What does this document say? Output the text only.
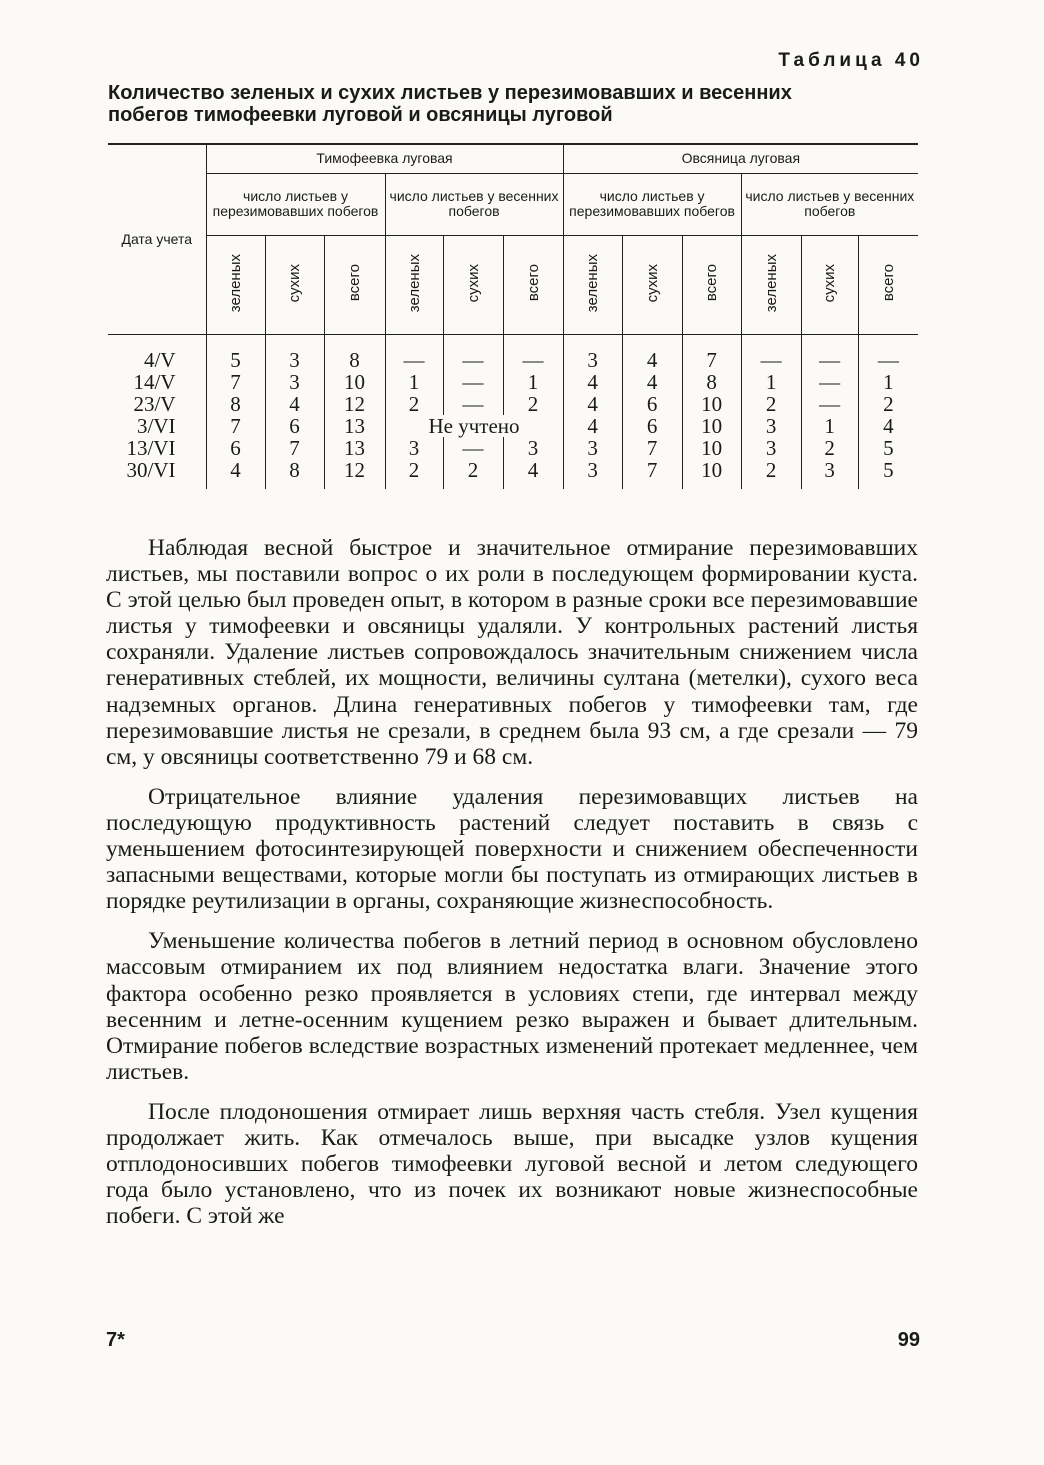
Таблица 40
Количество зеленых и сухих листьев у перезимовавших и весенних
побегов тимофеевки луговой и овсяницы луговой
Дата учета	Тимофеевка луговая						Овсяница луговая					
	число листьев у перезимовавших побегов			число листьев у весенних побегов			число листьев у перезимовавших побегов			число листьев у весенних побегов		
	зеленых	сухих	всего	зеленых	сухих	всего	зеленых	сухих	всего	зеленых	сухих	всего
4/V	5	3	8	—	—	—	3	4	7	—	—	—
14/V	7	3	10	1	—	1	4	4	8	1	—	1
23/V	8	4	12	2	—	2	4	6	10	2	—	2
3/VI	7	6	13	Не учтено			4	6	10	3	1	4
13/VI	6	7	13	3	—	3	3	7	10	3	2	5
30/VI	4	8	12	2	2	4	3	7	10	2	3	5

Наблюдая весной быстрое и значительное отмирание перезимовавших листьев, мы поставили вопрос о их роли в последующем формировании куста. С этой целью был проведен опыт, в котором в разные сроки все перезимовавшие листья у тимофеевки и овсяницы удаляли. У контрольных растений листья сохраняли. Удаление листьев сопровождалось значительным снижением числа генеративных стеблей, их мощности, величины султана (метелки), сухого веса надземных органов. Длина генеративных побегов у тимофеевки там, где перезимовавшие листья не срезали, в среднем была 93 см, а где срезали — 79 см, у овсяницы соответственно 79 и 68 см.

Отрицательное влияние удаления перезимовавщих листьев на последующую продуктивность растений следует поставить в связь с уменьшением фотосинтезирующей поверхности и снижением обеспеченности запасными веществами, которые могли бы поступать из отмирающих листьев в порядке реутилизации в органы, сохраняющие жизнеспособность.

Уменьшение количества побегов в летний период в основном обусловлено массовым отмиранием их под влиянием недостатка влаги. Значение этого фактора особенно резко проявляется в условиях степи, где интервал между весенним и летне-осенним кущением резко выражен и бывает длительным. Отмирание побегов вследствие возрастных изменений протекает медленнее, чем листьев.

После плодоношения отмирает лишь верхняя часть стебля. Узел кущения продолжает жить. Как отмечалось выше, при высадке узлов кущения отплодоносивших побегов тимофеевки луговой весной и летом следующего года было установлено, что из почек их возникают новые жизнеспособные побеги. С этой же

7*	99
